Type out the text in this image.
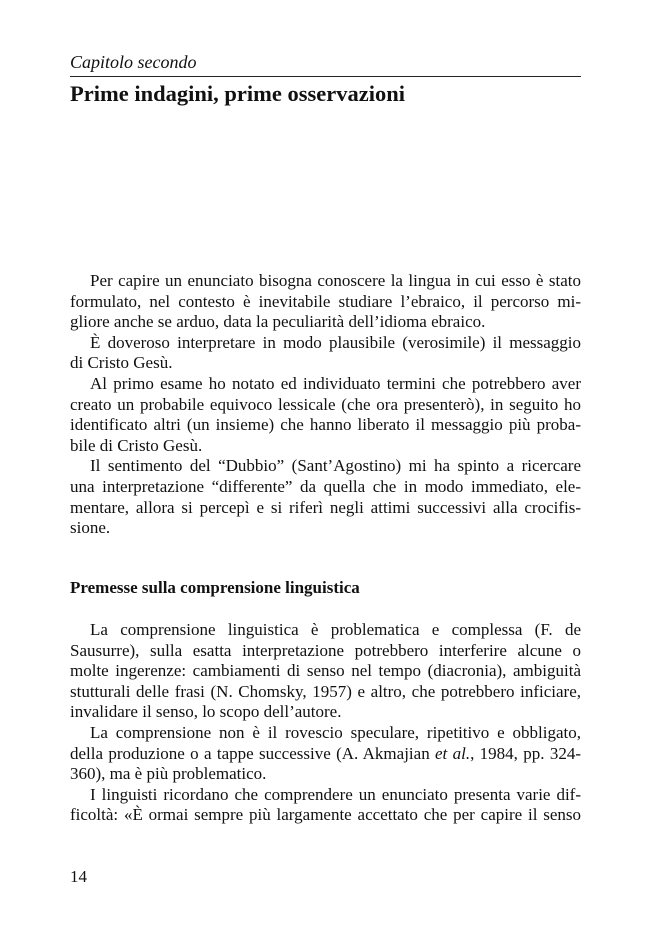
Capitolo secondo
Prime indagini, prime osservazioni
Per capire un enunciato bisogna conoscere la lingua in cui esso è stato
formulato, nel contesto è inevitabile studiare l’ebraico, il percorso mi-
gliore anche se arduo, data la peculiarità dell’idioma ebraico.
È doveroso interpretare in modo plausibile (verosimile) il messaggio
di Cristo Gesù.
Al primo esame ho notato ed individuato termini che potrebbero aver
creato un probabile equivoco lessicale (che ora presenterò), in seguito ho
identificato altri (un insieme) che hanno liberato il messaggio più proba-
bile di Cristo Gesù.
Il sentimento del “Dubbio” (Sant’Agostino) mi ha spinto a ricercare
una interpretazione “differente” da quella che in modo immediato, ele-
mentare, allora si percepì e si riferì negli attimi successivi alla crocifis-
sione.
Premesse sulla comprensione linguistica
La comprensione linguistica è problematica e complessa (F. de
Sausurre), sulla esatta interpretazione potrebbero interferire alcune o
molte ingerenze: cambiamenti di senso nel tempo (diacronia), ambiguità
stutturali delle frasi (N. Chomsky, 1957) e altro, che potrebbero inficiare,
invalidare il senso, lo scopo dell’autore.
La comprensione non è il rovescio speculare, ripetitivo e obbligato,
della produzione o a tappe successive (A. Akmajian et al., 1984, pp. 324-
360), ma è più problematico.
I linguisti ricordano che comprendere un enunciato presenta varie dif-
ficoltà: «È ormai sempre più largamente accettato che per capire il senso
14
